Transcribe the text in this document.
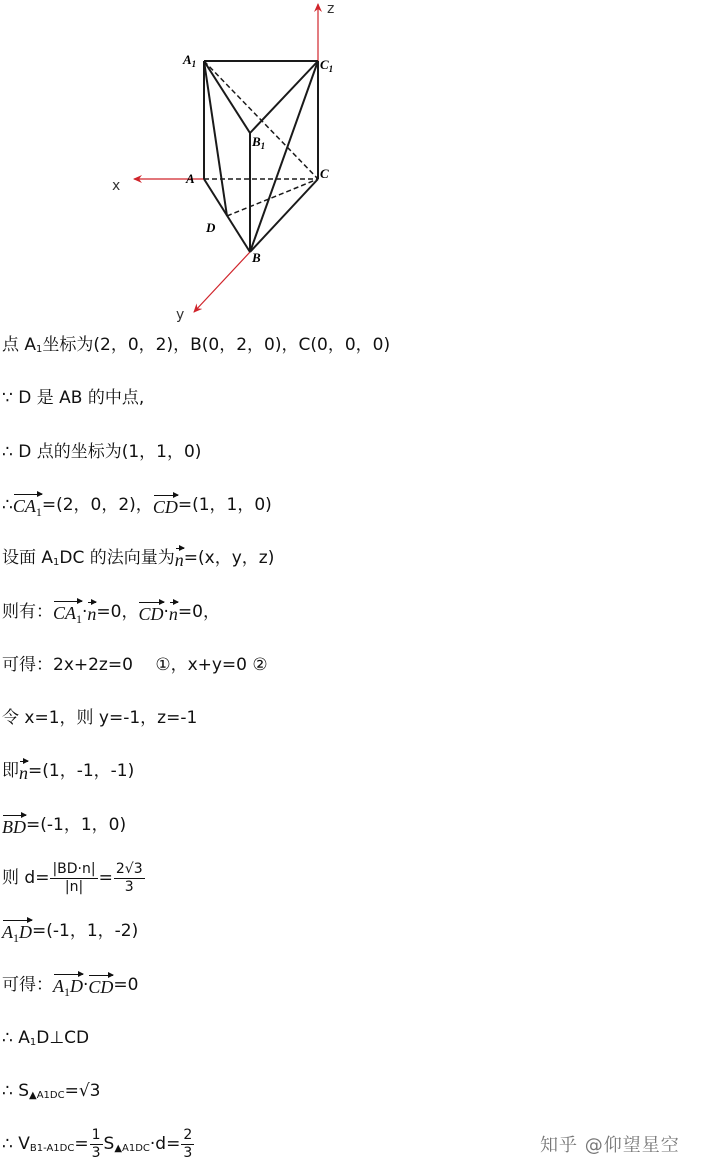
z
x
y
$A_1$	$C_1$
$B_1$
A	C
D
B
点 A 1 坐标为(2，0，2)，B(0，2，0)，C(0，0，0)
∵ D 是 AB 的中点,
∴ D 点的坐标为(1，1，0)
∴ $CA_1 =(2$，0，2)， CD =(1，1，0)
设面 A 1 DC 的法向量为 n =(x，y，z)
则有： $CA_1 \cdot n =0$， CD · n =0，
可得：2x+2z=0　 ①，x+y=0 ②
令 x=1，则 y=-1，z=-1
即 n =(1，-1，-1)
BD =(-1，1，0)
则 $d= \frac{|BD\cdot n|}{|n|} = \frac{2√3}{3}$
$A_1D =(-1$，1，-2)
可得： $A_1D$ · CD =0
∴ A 1 D⊥CD
∴ S ▲A1DC =√3
∴ V $B1-A1DC = \frac{1}{3}$ S ▲A1DC $\cdot d= \frac{2}{3}$	知乎 @仰望星空
